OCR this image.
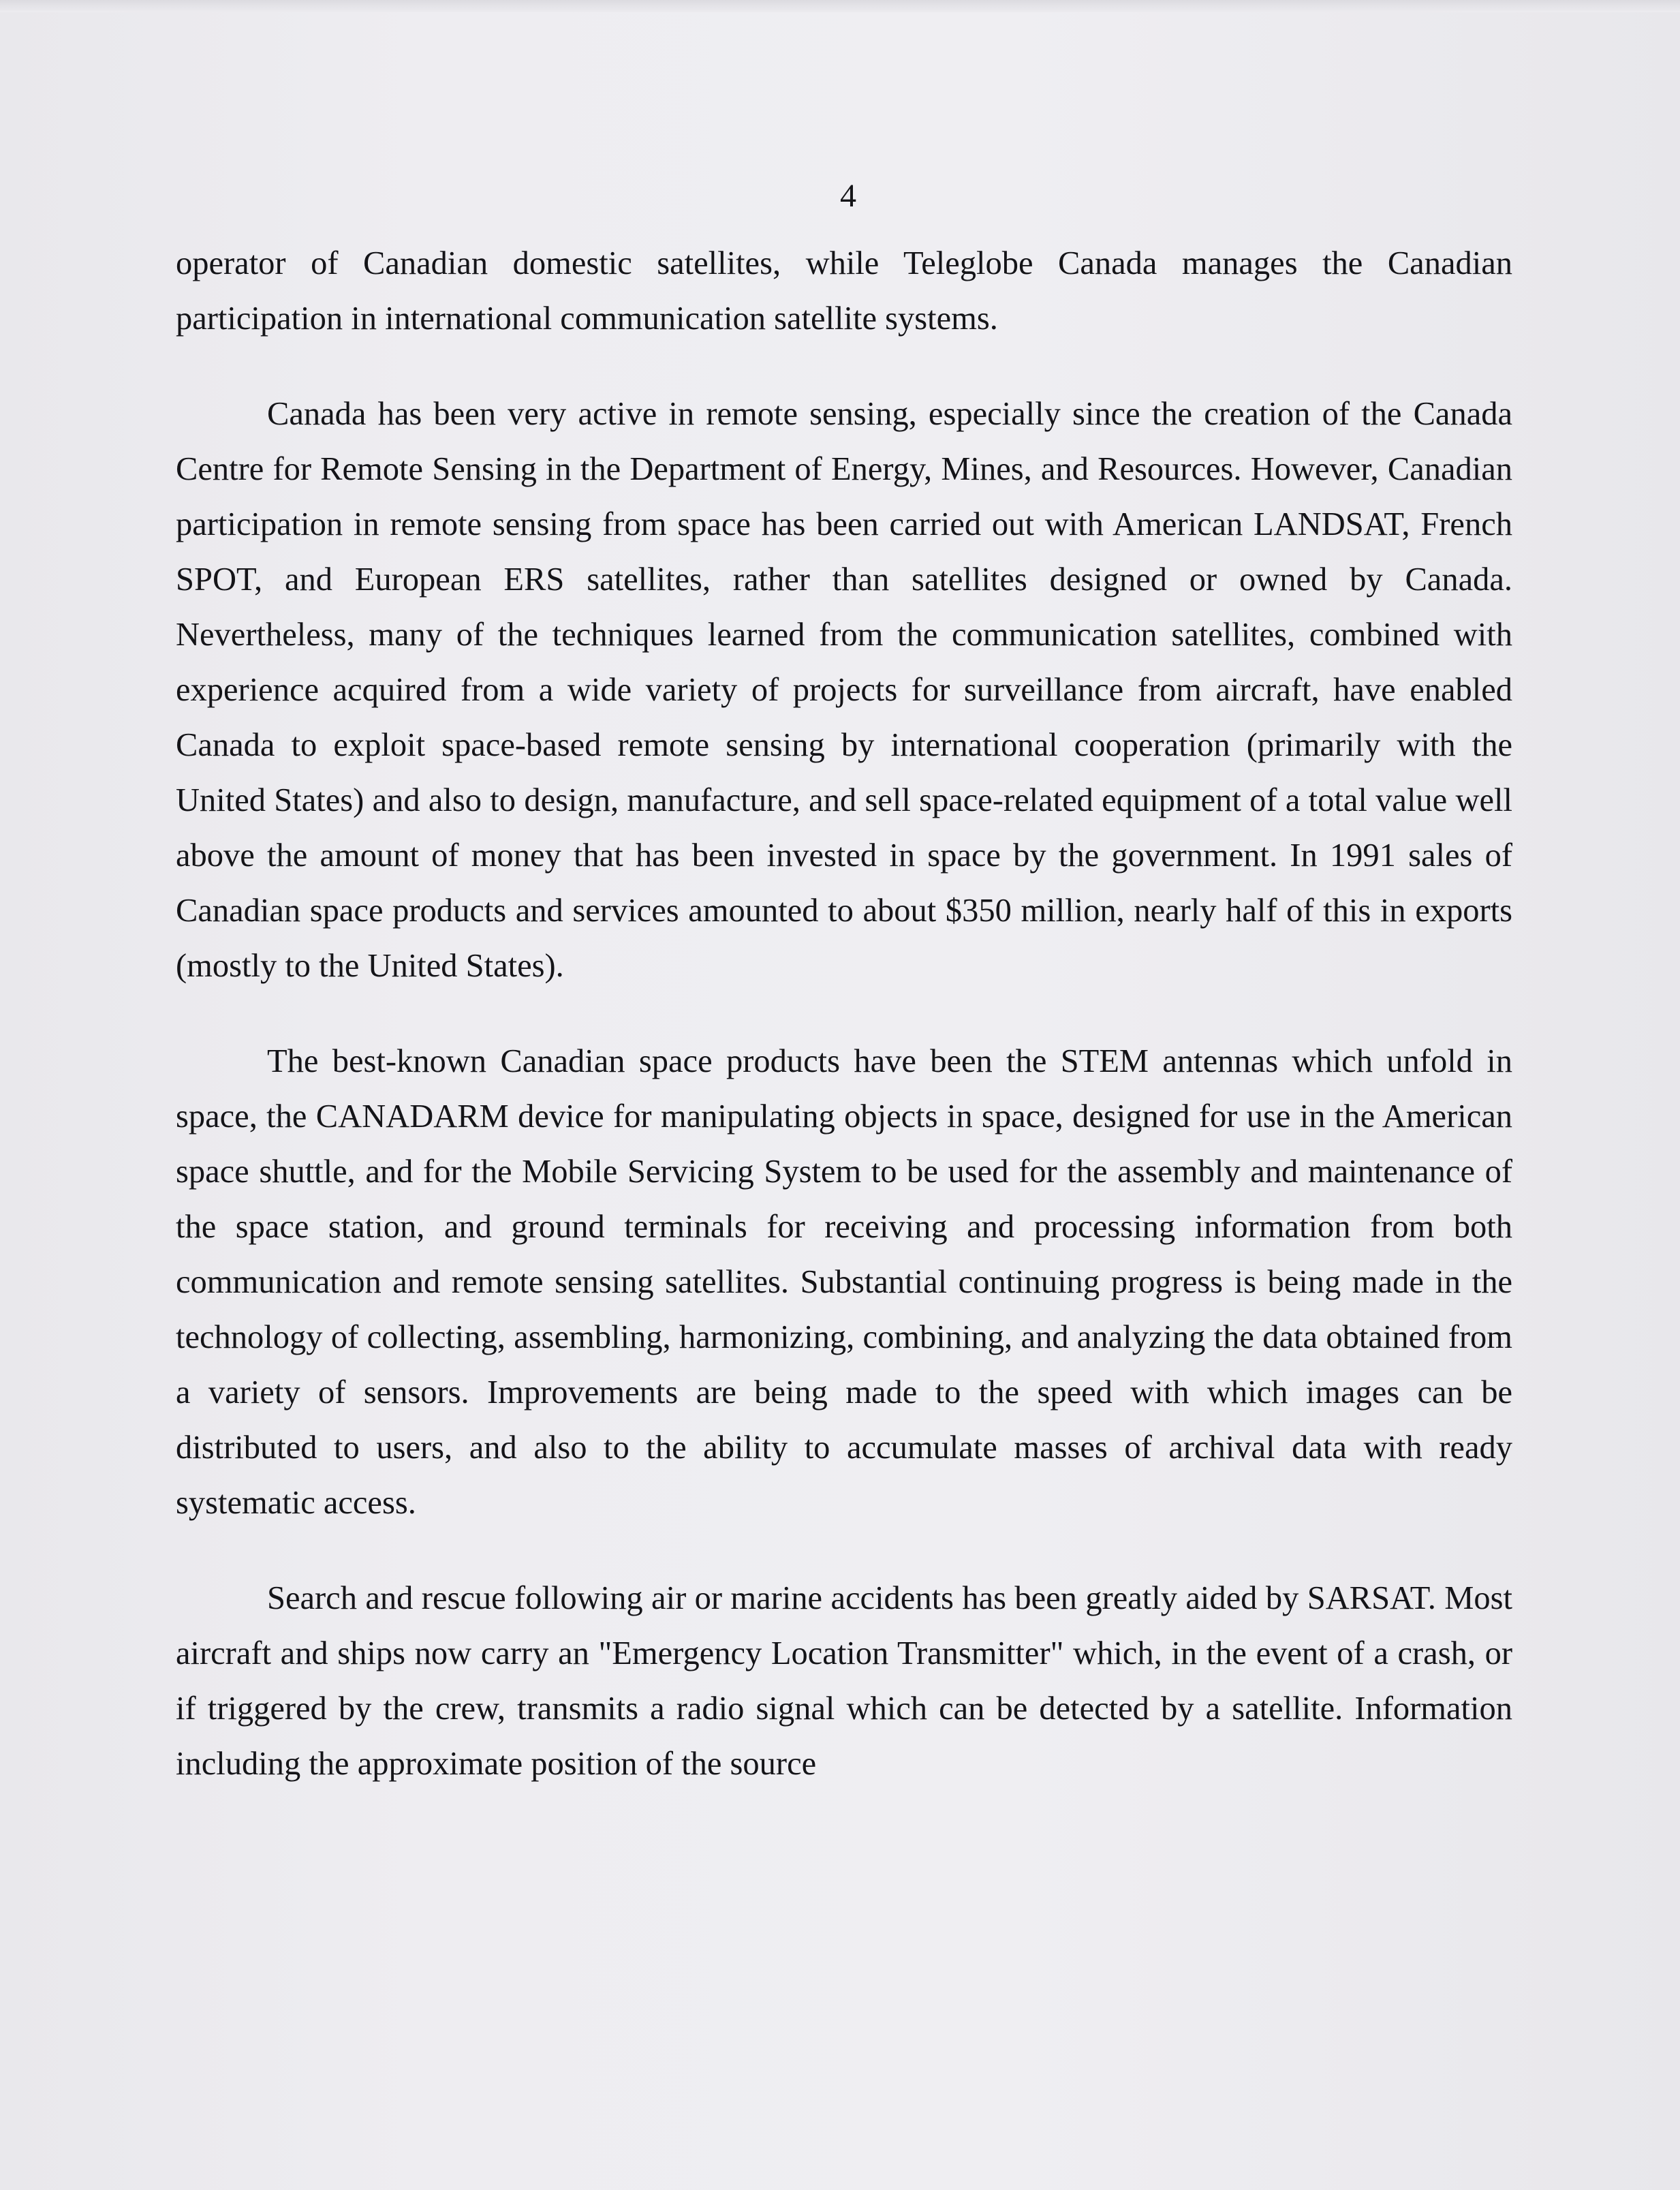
4

operator of Canadian domestic satellites, while Teleglobe Canada manages the Canadian participation in international communication satellite systems.

Canada has been very active in remote sensing, especially since the creation of the Canada Centre for Remote Sensing in the Department of Energy, Mines, and Resources. However, Canadian participation in remote sensing from space has been carried out with American LANDSAT, French SPOT, and European ERS satellites, rather than satellites designed or owned by Canada. Nevertheless, many of the techniques learned from the communication satellites, combined with experience acquired from a wide variety of projects for surveillance from aircraft, have enabled Canada to exploit space-based remote sensing by international cooperation (primarily with the United States) and also to design, manufacture, and sell space-related equipment of a total value well above the amount of money that has been invested in space by the government. In 1991 sales of Canadian space products and services amounted to about $350 million, nearly half of this in exports (mostly to the United States).

The best-known Canadian space products have been the STEM antennas which unfold in space, the CANADARM device for manipulating objects in space, designed for use in the American space shuttle, and for the Mobile Servicing System to be used for the assembly and maintenance of the space station, and ground terminals for receiving and processing information from both communication and remote sensing satellites. Substantial continuing progress is being made in the technology of collecting, assembling, harmonizing, combining, and analyzing the data obtained from a variety of sensors. Improvements are being made to the speed with which images can be distributed to users, and also to the ability to accumulate masses of archival data with ready systematic access.

Search and rescue following air or marine accidents has been greatly aided by SARSAT. Most aircraft and ships now carry an "Emergency Location Transmitter" which, in the event of a crash, or if triggered by the crew, transmits a radio signal which can be detected by a satellite. Information including the approximate position of the source
